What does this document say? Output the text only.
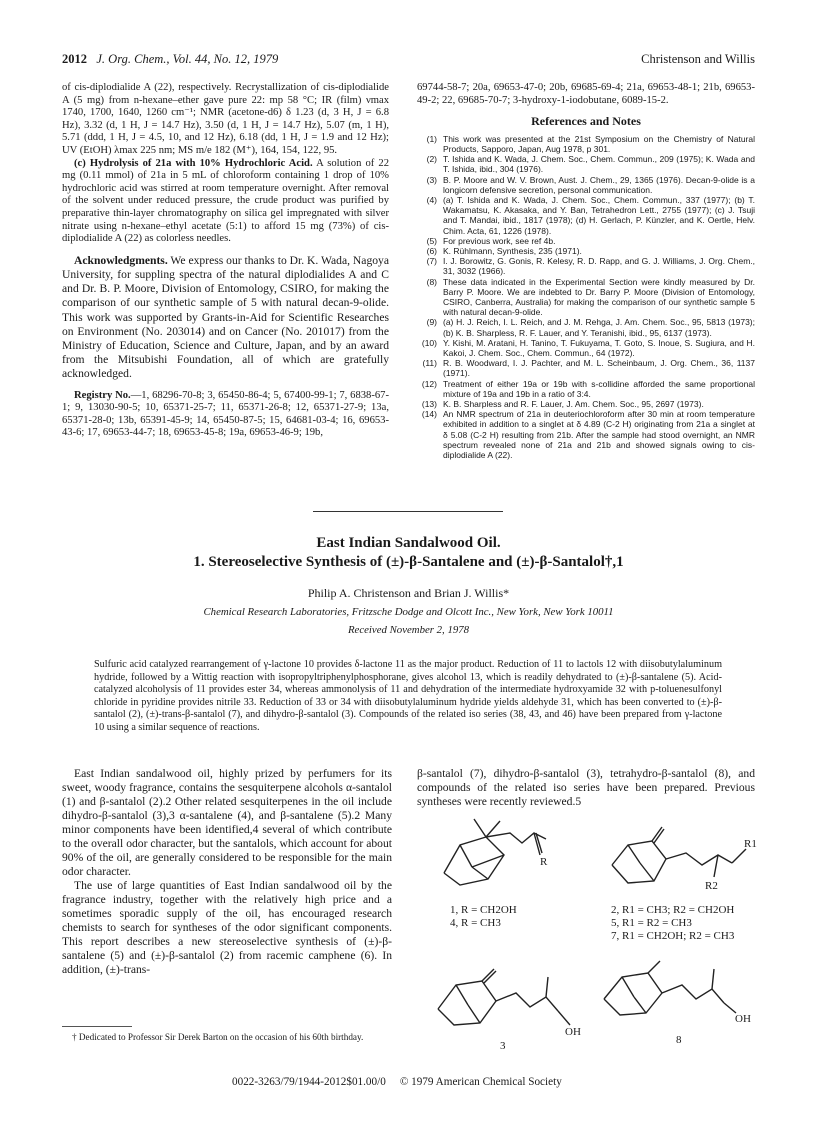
2012 J. Org. Chem., Vol. 44, No. 12, 1979	Christenson and Willis

of cis-diplodialide A (22), respectively. Recrystallization of cis-diplodialide A (5 mg) from n-hexane–ether gave pure 22: mp 58 °C; IR (film) νmax 1740, 1700, 1640, 1260 cm⁻¹; NMR (acetone-d6) δ 1.23 (d, 3 H, J = 6.8 Hz), 3.32 (d, 1 H, J = 14.7 Hz), 3.50 (d, 1 H, J = 14.7 Hz), 5.07 (m, 1 H), 5.71 (ddd, 1 H, J = 4.5, 10, and 12 Hz), 6.18 (dd, 1 H, J = 1.9 and 12 Hz); UV (EtOH) λmax 225 nm; MS m/e 182 (M⁺), 164, 154, 122, 95.

(c) Hydrolysis of 21a with 10% Hydrochloric Acid. A solution of 22 mg (0.11 mmol) of 21a in 5 mL of chloroform containing 1 drop of 10% hydrochloric acid was stirred at room temperature overnight. After removal of the solvent under reduced pressure, the crude product was purified by preparative thin-layer chromatography on silica gel impregnated with silver nitrate using n-hexane–ethyl acetate (5:1) to afford 15 mg (73%) of cis-diplodialide A (22) as colorless needles.

Acknowledgments. We express our thanks to Dr. K. Wada, Nagoya University, for suppling spectra of the natural diplodialides A and C and Dr. B. P. Moore, Division of Entomology, CSIRO, for making the comparison of our synthetic sample of 5 with natural decan-9-olide. This work was supported by Grants-in-Aid for Scientific Researches on Environment (No. 203014) and on Cancer (No. 201017) from the Ministry of Education, Science and Culture, Japan, and by an award from the Mitsubishi Foundation, all of which are gratefully acknowledged.

Registry No.—1, 68296-70-8; 3, 65450-86-4; 5, 67400-99-1; 7, 6838-67-1; 9, 13030-90-5; 10, 65371-25-7; 11, 65371-26-8; 12, 65371-27-9; 13a, 65371-28-0; 13b, 65391-45-9; 14, 65450-87-5; 15, 64681-03-4; 16, 69653-43-6; 17, 69653-44-7; 18, 69653-45-8; 19a, 69653-46-9; 19b,

69744-58-7; 20a, 69653-47-0; 20b, 69685-69-4; 21a, 69653-48-1; 21b, 69653-49-2; 22, 69685-70-7; 3-hydroxy-1-iodobutane, 6089-15-2.

References and Notes
(1) This work was presented at the 21st Symposium on the Chemistry of Natural Products, Sapporo, Japan, Aug 1978, p 301.
(2) T. Ishida and K. Wada, J. Chem. Soc., Chem. Commun., 209 (1975); K. Wada and T. Ishida, ibid., 304 (1976).
(3) B. P. Moore and W. V. Brown, Aust. J. Chem., 29, 1365 (1976). Decan-9-olide is a longicorn defensive secretion, personal communication.
(4) (a) T. Ishida and K. Wada, J. Chem. Soc., Chem. Commun., 337 (1977); (b) T. Wakamatsu, K. Akasaka, and Y. Ban, Tetrahedron Lett., 2755 (1977); (c) J. Tsuji and T. Mandai, ibid., 1817 (1978); (d) H. Gerlach, P. Künzler, and K. Oertle, Helv. Chim. Acta, 61, 1226 (1978).
(5) For previous work, see ref 4b.
(6) K. Rühlmann, Synthesis, 235 (1971).
(7) I. J. Borowitz, G. Gonis, R. Kelesy, R. D. Rapp, and G. J. Williams, J. Org. Chem., 31, 3032 (1966).
(8) These data indicated in the Experimental Section were kindly measured by Dr. Barry P. Moore. We are indebted to Dr. Barry P. Moore (Division of Entomology, CSIRO, Canberra, Australia) for making the comparison of our synthetic sample 5 with natural decan-9-olide.
(9) (a) H. J. Reich, I. L. Reich, and J. M. Rehga, J. Am. Chem. Soc., 95, 5813 (1973); (b) K. B. Sharpless, R. F. Lauer, and Y. Teranishi, ibid., 95, 6137 (1973).
(10) Y. Kishi, M. Aratani, H. Tanino, T. Fukuyama, T. Goto, S. Inoue, S. Sugiura, and H. Kakoi, J. Chem. Soc., Chem. Commun., 64 (1972).
(11) R. B. Woodward, I. J. Pachter, and M. L. Scheinbaum, J. Org. Chem., 36, 1137 (1971).
(12) Treatment of either 19a or 19b with s-collidine afforded the same proportional mixture of 19a and 19b in a ratio of 3:4.
(13) K. B. Sharpless and R. F. Lauer, J. Am. Chem. Soc., 95, 2697 (1973).
(14) An NMR spectrum of 21a in deuteriochloroform after 30 min at room temperature exhibited in addition to a singlet at δ 4.89 (C-2 H) originating from 21a a singlet at δ 5.08 (C-2 H) resulting from 21b. After the sample had stood overnight, an NMR spectrum revealed none of 21a and 21b and showed signals owing to cis-diplodialide A (22).
East Indian Sandalwood Oil.
1. Stereoselective Synthesis of (±)-β-Santalene and (±)-β-Santalol†,1
Philip A. Christenson and Brian J. Willis*
Chemical Research Laboratories, Fritzsche Dodge and Olcott Inc., New York, New York 10011
Received November 2, 1978
Sulfuric acid catalyzed rearrangement of γ-lactone 10 provides δ-lactone 11 as the major product. Reduction of 11 to lactols 12 with diisobutylaluminum hydride, followed by a Wittig reaction with isopropyltriphenylphosphorane, gives alcohol 13, which is readily dehydrated to (±)-β-santalene (5). Acid-catalyzed alcoholysis of 11 provides ester 34, whereas ammonolysis of 11 and dehydration of the intermediate hydroxyamide 32 with p-toluenesulfonyl chloride in pyridine provides nitrile 33. Reduction of 33 or 34 with diisobutylaluminum hydride yields aldehyde 31, which has been converted to (±)-β-santalol (2), (±)-trans-β-santalol (7), and dihydro-β-santalol (3). Compounds of the related iso series (38, 43, and 46) have been prepared from γ-lactone 10 using a similar sequence of reactions.

East Indian sandalwood oil, highly prized by perfumers for its sweet, woody fragrance, contains the sesquiterpene alcohols α-santalol (1) and β-santalol (2).2 Other related sesquiterpenes in the oil include dihydro-β-santalol (3),3 α-santalene (4), and β-santalene (5).2 Many minor components have been identified,4 several of which contribute to the overall odor character, but the santalols, which account for about 90% of the oil, are generally considered to be responsible for the main odor character.

The use of large quantities of East Indian sandalwood oil by the fragrance industry, together with the relatively high price and a sometimes sporadic supply of the oil, has encouraged research chemists to search for syntheses of the odor significant components. This report describes a new stereoselective synthesis of (±)-β-santalene (5) and (±)-β-santalol (2) from racemic camphene (6). In addition, (±)-trans-

† Dedicated to Professor Sir Derek Barton on the occasion of his 60th birthday.

β-santalol (7), dihydro-β-santalol (3), tetrahydro-β-santalol (8), and compounds of the related iso series have been prepared. Previous syntheses were recently reviewed.5

R
1, R = CH2OH
4, R = CH3
R1
R2
2, R1 = CH3; R2 = CH2OH
5, R1 = R2 = CH3
7, R1 = CH2OH; R2 = CH3
OH
3
OH
8
0022-3263/79/1944-2012$01.00/0 © 1979 American Chemical Society
